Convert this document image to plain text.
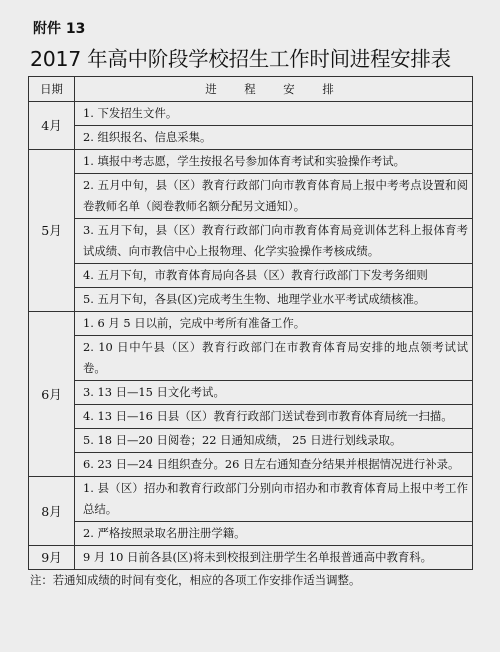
附件 13
2017 年高中阶段学校招生工作时间进程安排表
日期	进 程 安 排
4月	1. 下发招生文件。
	2. 组织报名、信息采集。
5月	1. 填报中考志愿，学生按报名号参加体育考试和实验操作考试。
	2. 五月中旬，县（区）教育行政部门向市教育体育局上报中考考点设置和阅卷教师名单（阅卷教师名额分配另文通知）。
	3. 五月下旬，县（区）教育行政部门向市教育体育局竞训体艺科上报体育考试成绩、向市教信中心上报物理、化学实验操作考核成绩。
	4. 五月下旬，市教育体育局向各县（区）教育行政部门下发考务细则
	5. 五月下旬，各县(区)完成考生生物、地理学业水平考试成绩核准。
6月	1. 6 月 5 日以前，完成中考所有准备工作。
	2. 10 日中午县（区）教育行政部门在市教育体育局安排的地点领考试试卷。
	3. 13 日—15 日文化考试。
	4. 13 日—16 日县（区）教育行政部门送试卷到市教育体育局统一扫描。
	5. 18 日—20 日阅卷；22 日通知成绩， 25 日进行划线录取。
	6. 23 日—24 日组织查分。26 日左右通知查分结果并根据情况进行补录。
8月	1. 县（区）招办和教育行政部门分别向市招办和市教育体育局上报中考工作总结。
	2. 严格按照录取名册注册学籍。
9月	9 月 10 日前各县(区)将未到校报到注册学生名单报普通高中教育科。
注：若通知成绩的时间有变化，相应的各项工作安排作适当调整。
